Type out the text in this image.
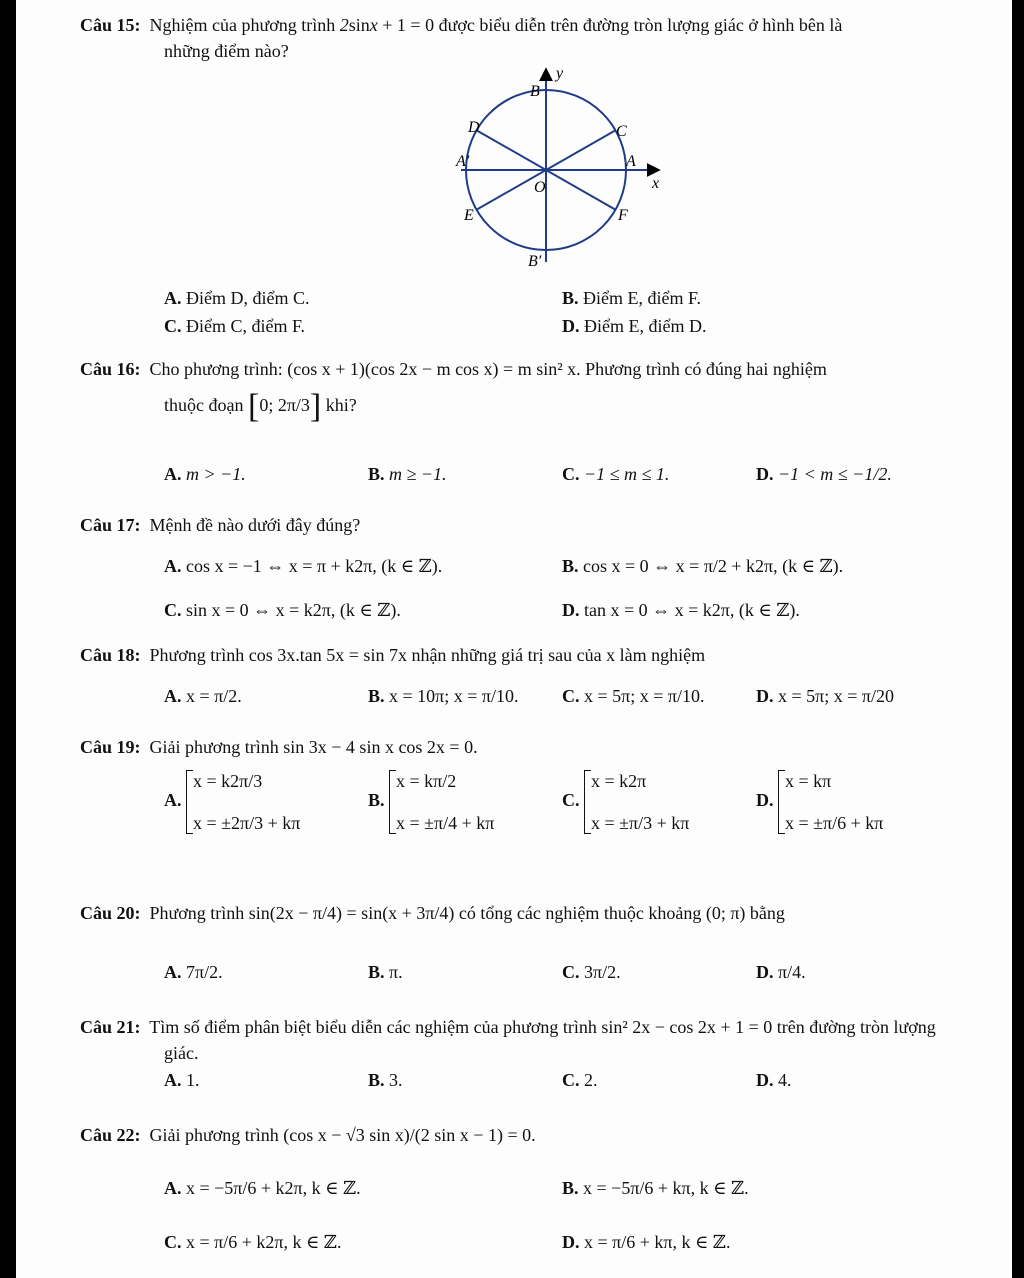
Câu 15: Nghiệm của phương trình 2sinx + 1 = 0 được biểu diễn trên đường tròn lượng giác ở hình bên là
những điểm nào?
y
B
D	C
A′	A
O	x
E	F
B′
A. Điểm D, điểm C.	B. Điểm E, điểm F.
C. Điểm C, điểm F.	D. Điểm E, điểm D.
Câu 16: Cho phương trình: (cos x + 1)(cos 2x − m cos x) = m sin² x. Phương trình có đúng hai nghiệm
thuộc đoạn [0; 2π/3] khi?
A. m > −1.	B. m ≥ −1.	C. −1 ≤ m ≤ 1.	D. −1 < m ≤ −1/2.
Câu 17: Mệnh đề nào dưới đây đúng?
A. cos x = −1 ⇔ x = π + k2π, (k ∈ ℤ).	B. cos x = 0 ⇔ x = π/2 + k2π, (k ∈ ℤ).
C. sin x = 0 ⇔ x = k2π, (k ∈ ℤ).	D. tan x = 0 ⇔ x = k2π, (k ∈ ℤ).
Câu 18: Phương trình cos 3x.tan 5x = sin 7x nhận những giá trị sau của x làm nghiệm
A. x = π/2.	B. x = 10π; x = π/10. C. x = 5π; x = π/10.	D. x = 5π; x = π/20
Câu 19: Giải phương trình sin 3x − 4 sin x cos 2x = 0.
A.
x = k2π/3
x = ±2π/3 + kπ
B.
x = kπ/2
x = ±π/4 + kπ
C.
x = k2π
x = ±π/3 + kπ
D.
x = kπ
x = ±π/6 + kπ
Câu 20: Phương trình sin(2x − π/4) = sin(x + 3π/4) có tổng các nghiệm thuộc khoảng (0; π) bằng
A. 7π/2.	B. π.	C. 3π/2.	D. π/4.
Câu 21: Tìm số điểm phân biệt biểu diễn các nghiệm của phương trình sin² 2x − cos 2x + 1 = 0 trên đường tròn lượng giác.
A. 1.	B. 3.	C. 2.	D. 4.
Câu 22: Giải phương trình (cos x − √3 sin x)/(2 sin x − 1) = 0.
A. x = −5π/6 + k2π, k ∈ ℤ.	B. x = −5π/6 + kπ, k ∈ ℤ.
C. x = π/6 + k2π, k ∈ ℤ.	D. x = π/6 + kπ, k ∈ ℤ.
